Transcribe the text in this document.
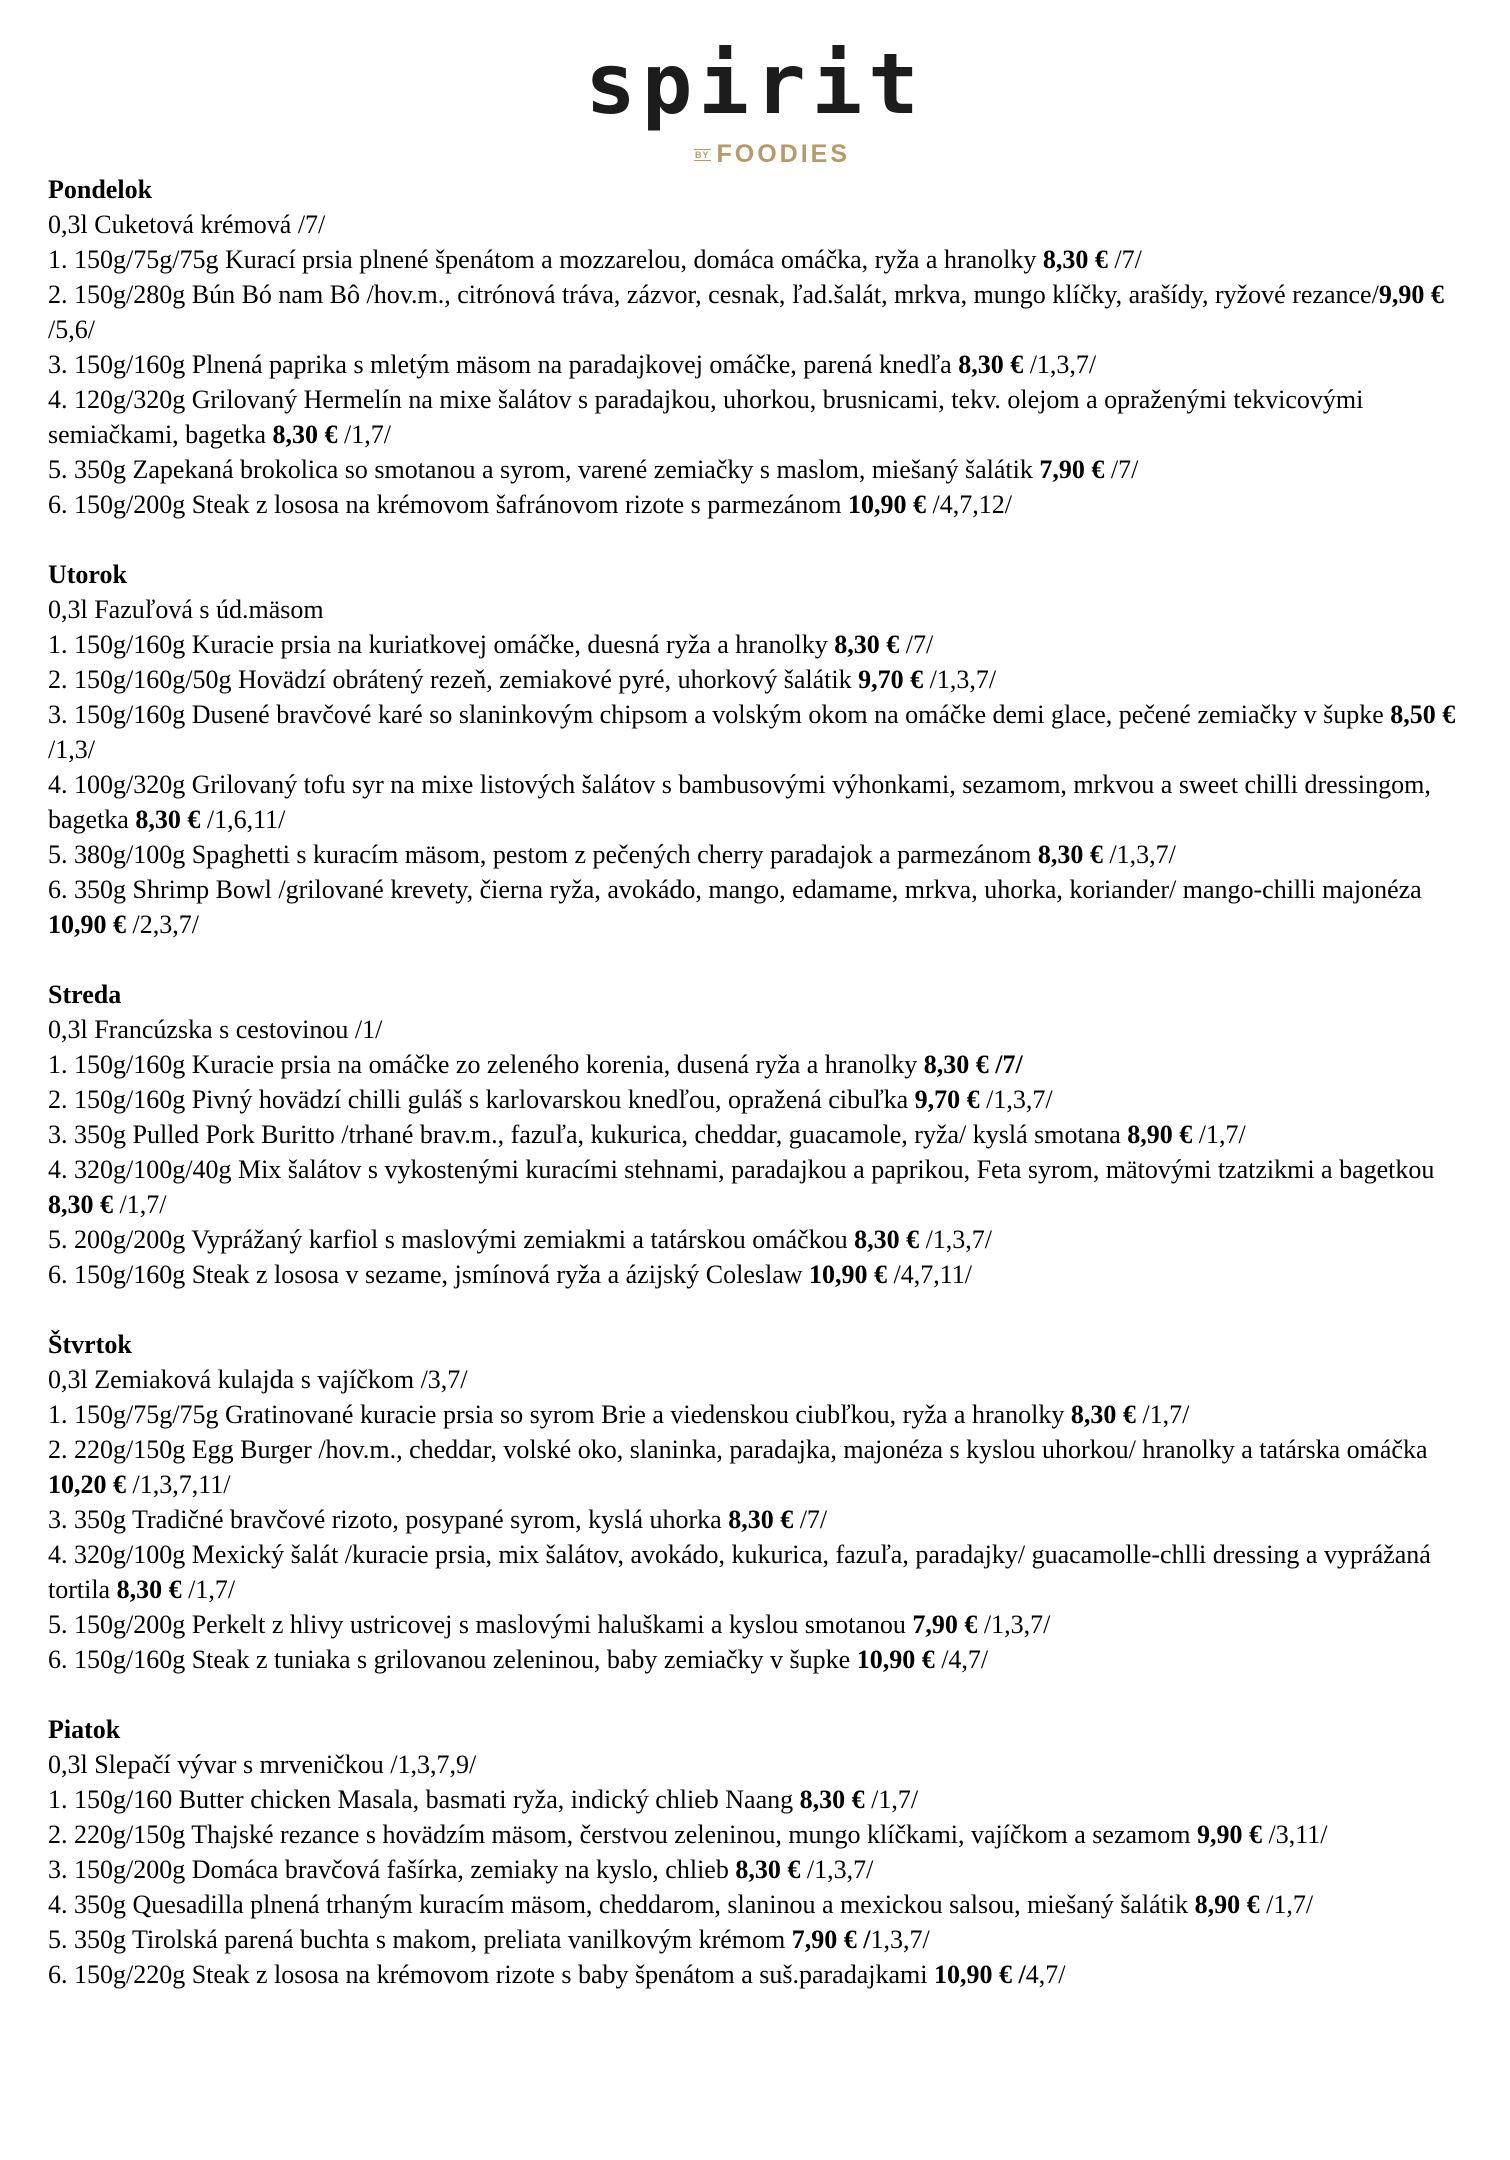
spirit
BY FOODIES
Pondelok
0,3l Cuketová krémová /7/
1. 150g/75g/75g Kurací prsia plnené špenátom a mozzarelou, domáca omáčka, ryža a hranolky 8,30 € /7/
2. 150g/280g Bún Bó nam Bô /hov.m., citrónová tráva, zázvor, cesnak, ľad.šalát, mrkva, mungo klíčky, arašídy, ryžové rezance/9,90 € /5,6/
3. 150g/160g Plnená paprika s mletým mäsom na paradajkovej omáčke, parená knedľa 8,30 € /1,3,7/
4. 120g/320g Grilovaný Hermelín na mixe šalátov s paradajkou, uhorkou, brusnicami, tekv. olejom a opraženými tekvicovými semiačkami, bagetka 8,30 € /1,7/
5. 350g Zapekaná brokolica so smotanou a syrom, varené zemiačky s maslom, miešaný šalátik 7,90 € /7/
6. 150g/200g Steak z lososa na krémovom šafránovom rizote s parmezánom 10,90 € /4,7,12/
Utorok
0,3l Fazuľová s úd.mäsom
1. 150g/160g Kuracie prsia na kuriatkovej omáčke, duesná ryža a hranolky 8,30 € /7/
2. 150g/160g/50g Hovädzí obrátený rezeň, zemiakové pyré, uhorkový šalátik 9,70 € /1,3,7/
3. 150g/160g Dusené bravčové karé so slaninkovým chipsom a volským okom na omáčke demi glace, pečené zemiačky v šupke 8,50 € /1,3/
4. 100g/320g Grilovaný tofu syr na mixe listových šalátov s bambusovými výhonkami, sezamom, mrkvou a sweet chilli dressingom, bagetka 8,30 € /1,6,11/
5. 380g/100g Spaghetti s kuracím mäsom, pestom z pečených cherry paradajok a parmezánom 8,30 € /1,3,7/
6. 350g Shrimp Bowl /grilované krevety, čierna ryža, avokádo, mango, edamame, mrkva, uhorka, koriander/ mango-chilli majonéza 10,90 € /2,3,7/
Streda
0,3l Francúzska s cestovinou /1/
1. 150g/160g Kuracie prsia na omáčke zo zeleného korenia, dusená ryža a hranolky 8,30 € /7/
2. 150g/160g Pivný hovädzí chilli guláš s karlovarskou knedľou, opražená cibuľka 9,70 € /1,3,7/
3. 350g Pulled Pork Buritto /trhané brav.m., fazuľa, kukurica, cheddar, guacamole, ryža/ kyslá smotana 8,90 € /1,7/
4. 320g/100g/40g Mix šalátov s vykostenými kuracími stehnami, paradajkou a paprikou, Feta syrom, mätovými tzatzikmi a bagetkou 8,30 € /1,7/
5. 200g/200g Vyprážaný karfiol s maslovými zemiakmi a tatárskou omáčkou 8,30 € /1,3,7/
6. 150g/160g Steak z lososa v sezame, jsmínová ryža a ázijský Coleslaw 10,90 € /4,7,11/
Štvrtok
0,3l Zemiaková kulajda s vajíčkom /3,7/
1. 150g/75g/75g Gratinované kuracie prsia so syrom Brie a viedenskou ciubľkou, ryža a hranolky 8,30 € /1,7/
2. 220g/150g Egg Burger /hov.m., cheddar, volské oko, slaninka, paradajka, majonéza s kyslou uhorkou/ hranolky a tatárska omáčka 10,20 € /1,3,7,11/
3. 350g Tradičné bravčové rizoto, posypané syrom, kyslá uhorka 8,30 € /7/
4. 320g/100g Mexický šalát /kuracie prsia, mix šalátov, avokádo, kukurica, fazuľa, paradajky/ guacamolle-chlli dressing a vyprážaná tortila 8,30 € /1,7/
5. 150g/200g Perkelt z hlivy ustricovej s maslovými haluškami a kyslou smotanou 7,90 € /1,3,7/
6. 150g/160g Steak z tuniaka s grilovanou zeleninou, baby zemiačky v šupke 10,90 € /4,7/
Piatok
0,3l Slepačí vývar s mrveničkou /1,3,7,9/
1. 150g/160 Butter chicken Masala, basmati ryža, indický chlieb Naang 8,30 € /1,7/
2. 220g/150g Thajské rezance s hovädzím mäsom, čerstvou zeleninou, mungo klíčkami, vajíčkom a sezamom 9,90 € /3,11/
3. 150g/200g Domáca bravčová fašírka, zemiaky na kyslo, chlieb 8,30 € /1,3,7/
4. 350g Quesadilla plnená trhaným kuracím mäsom, cheddarom, slaninou a mexickou salsou, miešaný šalátik 8,90 € /1,7/
5. 350g Tirolská parená buchta s makom, preliata vanilkovým krémom 7,90 € /1,3,7/
6. 150g/220g Steak z lososa na krémovom rizote s baby špenátom a suš.paradajkami 10,90 € /4,7/
